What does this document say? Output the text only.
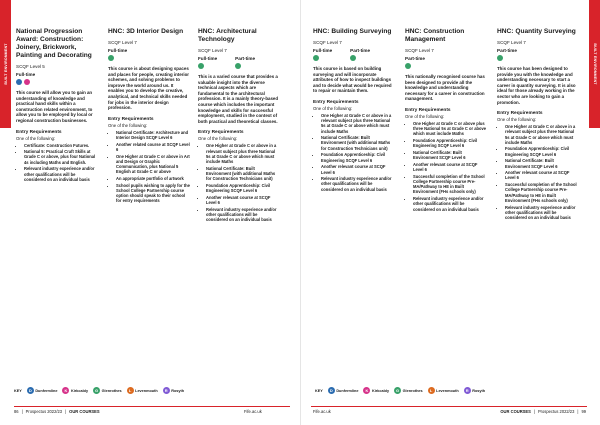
BUILT ENVIRONMENT
National Progression Award: Construction: Joinery, Brickwork, Painting and Decorating
SCQF Level 5
Full-time
This course will allow you to gain an understanding of knowledge and practical hand skills within a construction related environment, to allow you to be employed by local or regional construction businesses.
Entry Requirements
One of the following:
• Certificate: Construction Futures.
• National 5: Practical Craft Skills at Grade C or above, plus four National 4s including Maths and English.
• Relevant industry experience and/or other qualifications will be considered on an individual basis
HNC: 3D Interior Design
SCQF Level 7
Full-time
This course is about designing spaces and places for people, creating interior schemes, and solving problems to improve the world around us. It enables you to develop the creative, analytical, and technical skills needed for jobs in the interior design profession.
Entry Requirements
One of the following:
• National Certificate: Architecture and Interior Design SCQF Level 6
• Another related course at SCQF Level 6
• One Higher at Grade C or above in Art and Design or Graphic Communication, plus National 5 English at Grade C or above
• An appropriate portfolio of artwork
• School pupils wishing to apply for the School College Partnership course option should speak to their school for entry requirements
HNC: Architectural Technology
SCQF Level 7
Full-time	Part-time
This is a varied course that provides a valuable insight into the diverse technical aspects which are fundamental to the architectural profession. It is a mainly theory-based course which includes the important knowledge and skills for successful employment, studied in the context of both practical and theoretical classes.
Entry Requirements
One of the following:
• One Higher at Grade C or above in a relevant subject plus three National 5s at Grade C or above which must include Maths
• National Certificate: Built Environment (with additional Maths for Construction Technicians unit)
• Foundation Apprenticeship: Civil Engineering SCQF Level 6
• Another relevant course at SCQF Level 6
• Relevant industry experience and/or other qualifications will be considered on an individual basis
KEY	D Dunfermline	K Kirkcaldy	G Glenrothes	L Levenmouth	R Rosyth
86 | Prospectus 2022/23 | OUR COURSES	Fife.ac.uk
BUILT ENVIRONMENT
HNC: Building Surveying
SCQF Level 7
Full-time	Part-time
This course is based on building surveying and will incorporate attributes of how to inspect buildings and to decide what would be required to repair or maintain them.
Entry Requirements
One of the following:
• One Higher at Grade C or above in a relevant subject plus three National 5s at Grade C or above which must include Maths
• National Certificate: Built Environment (with additional Maths for Construction Technicians unit)
• Foundation Apprenticeship: Civil Engineering SCQF Level 6
• Another relevant course at SCQF Level 6
• Relevant industry experience and/or other qualifications will be considered on an individual basis
HNC: Construction Management
SCQF Level 7
Part-time
This nationally recognised course has been designed to provide all the knowledge and understanding necessary for a career in construction management.
Entry Requirements
One of the following:
• One Higher at Grade C or above plus three National 5s at Grade C or above which must include Maths
• Foundation Apprenticeship: Civil Engineering SCQF Level 6
• National Certificate: Built Environment SCQF Level 6
• Another relevant course at SCQF Level 6
• Successful completion of the School College Partnership course Pre-MA/Pathway to HE in Built Environment (FHs schools only)
• Relevant industry experience and/or other qualifications will be considered on an individual basis
HNC: Quantity Surveying
SCQF Level 7
Part-time
This course has been designed to provide you with the knowledge and understanding necessary to start a career in quantity surveying. It is also ideal for those already working in the sector who are looking to gain a promotion.
Entry Requirements
One of the following:
• One Higher at Grade C or above in a relevant subject plus three National 5s at Grade C or above which must include Maths
• Foundation Apprenticeship: Civil Engineering SCQF Level 6
• National Certificate: Built Environment SCQF Level 6
• Another relevant course at SCQF Level 6
• Successful completion of the School College Partnership course Pre-MA/Pathway to HE in Built Environment (FHs schools only)
• Relevant industry experience and/or other qualifications will be considered on an individual basis
KEY	D Dunfermline	K Kirkcaldy	G Glenrothes	L Levenmouth	R Rosyth
Fife.ac.uk	OUR COURSES | Prospectus 2022/23 | 99
